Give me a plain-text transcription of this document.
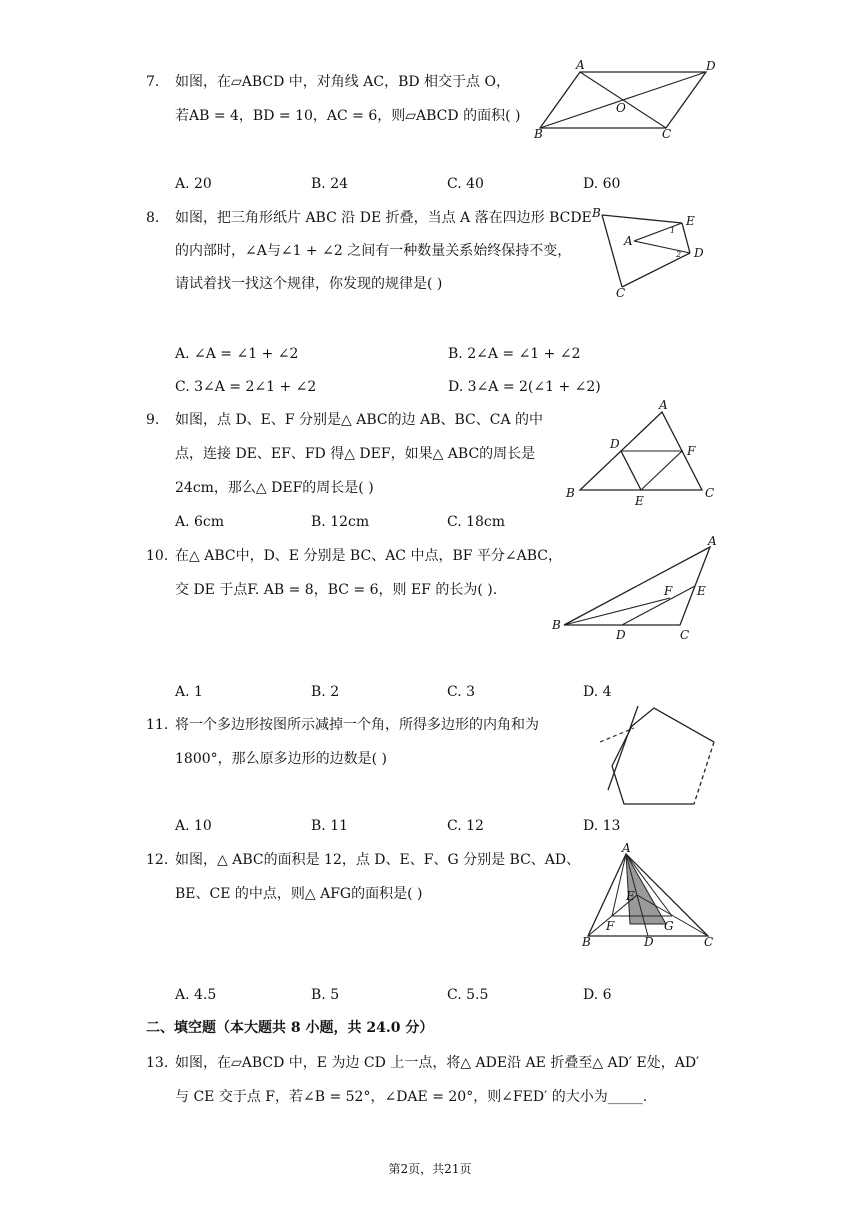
7. 如图，在▱ABCD 中，对角线 AC，BD 相交于点 O，
若AB = 4，BD = 10，AC = 6，则▱ABCD 的面积( )
A	D
B	C
O
A. 20	B. 24	C. 40	D. 60
8. 如图，把三角形纸片 ABC 沿 DE 折叠，当点 A 落在四边形 BCDE
的内部时，∠A与∠1 + ∠2 之间有一种数量关系始终保持不变，
请试着找一找这个规律，你发现的规律是( )
B
E
A
D
C
1
2
A. ∠A = ∠1 + ∠2	B. 2∠A = ∠1 + ∠2
C. 3∠A = 2∠1 + ∠2	D. 3∠A = 2(∠1 + ∠2)
9. 如图，点 D、E、F 分别是△ ABC的边 AB、BC、CA 的中
点，连接 DE、EF、FD 得△ DEF，如果△ ABC的周长是
24cm，那么△ DEF的周长是( )
A
B	C
D
E
F
A. 6cm	B. 12cm	C. 18cm
10. 在△ ABC中，D、E 分别是 BC、AC 中点，BF 平分∠ABC，
交 DE 于点F. AB = 8，BC = 6，则 EF 的长为( ).
A
B
C
D
E
F
A. 1	B. 2	C. 3	D. 4
11. 将一个多边形按图所示减掉一个角，所得多边形的内角和为
1800°，那么原多边形的边数是( )
A. 10	B. 11	C. 12	D. 13
12. 如图，△ ABC的面积是 12，点 D、E、F、G 分别是 BC、AD、
BE、CE 的中点，则△ AFG的面积是( )
A
B	C
D
E
F	G
A. 4.5	B. 5	C. 5.5	D. 6
二、填空题（本大题共 8 小题，共 24.0 分）
13. 如图，在▱ABCD 中，E 为边 CD 上一点，将△ ADE沿 AE 折叠至△ AD′ E处，AD′
与 CE 交于点 F，若∠B = 52°，∠DAE = 20°，则∠FED′ 的大小为_____.
第2页，共21页
